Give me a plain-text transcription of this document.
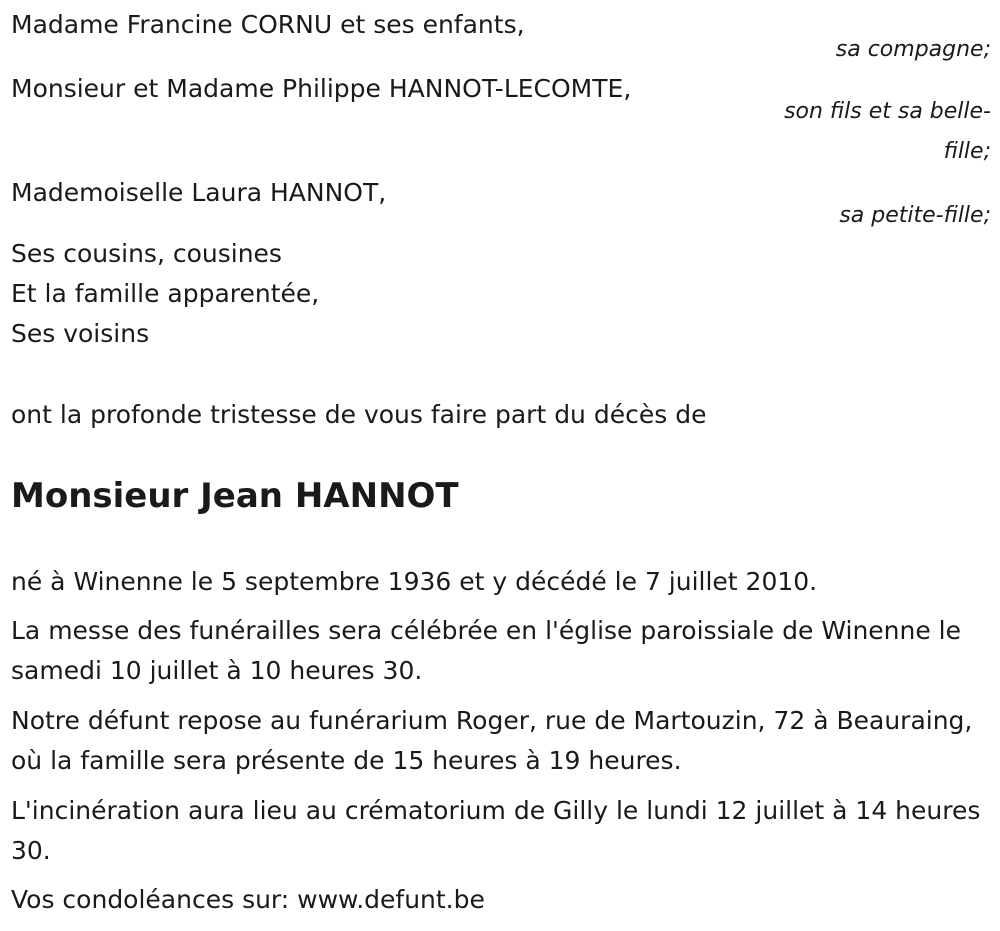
Madame Francine CORNU et ses enfants,
sa compagne;
Monsieur et Madame Philippe HANNOT-LECOMTE,
son fils et sa belle-fille;
Mademoiselle Laura HANNOT,
sa petite-fille;
Ses cousins, cousines
Et la famille apparentée,
Ses voisins
ont la profonde tristesse de vous faire part du décès de
Monsieur Jean HANNOT
né à Winenne le 5 septembre 1936 et y décédé le 7 juillet 2010.
La messe des funérailles sera célébrée en l'église paroissiale de Winenne le samedi 10 juillet à 10 heures 30.
Notre défunt repose au funérarium Roger, rue de Martouzin, 72 à Beauraing, où la famille sera présente de 15 heures à 19 heures.
L'incinération aura lieu au crématorium de Gilly le lundi 12 juillet à 14 heures 30.
Vos condoléances sur: www.defunt.be
